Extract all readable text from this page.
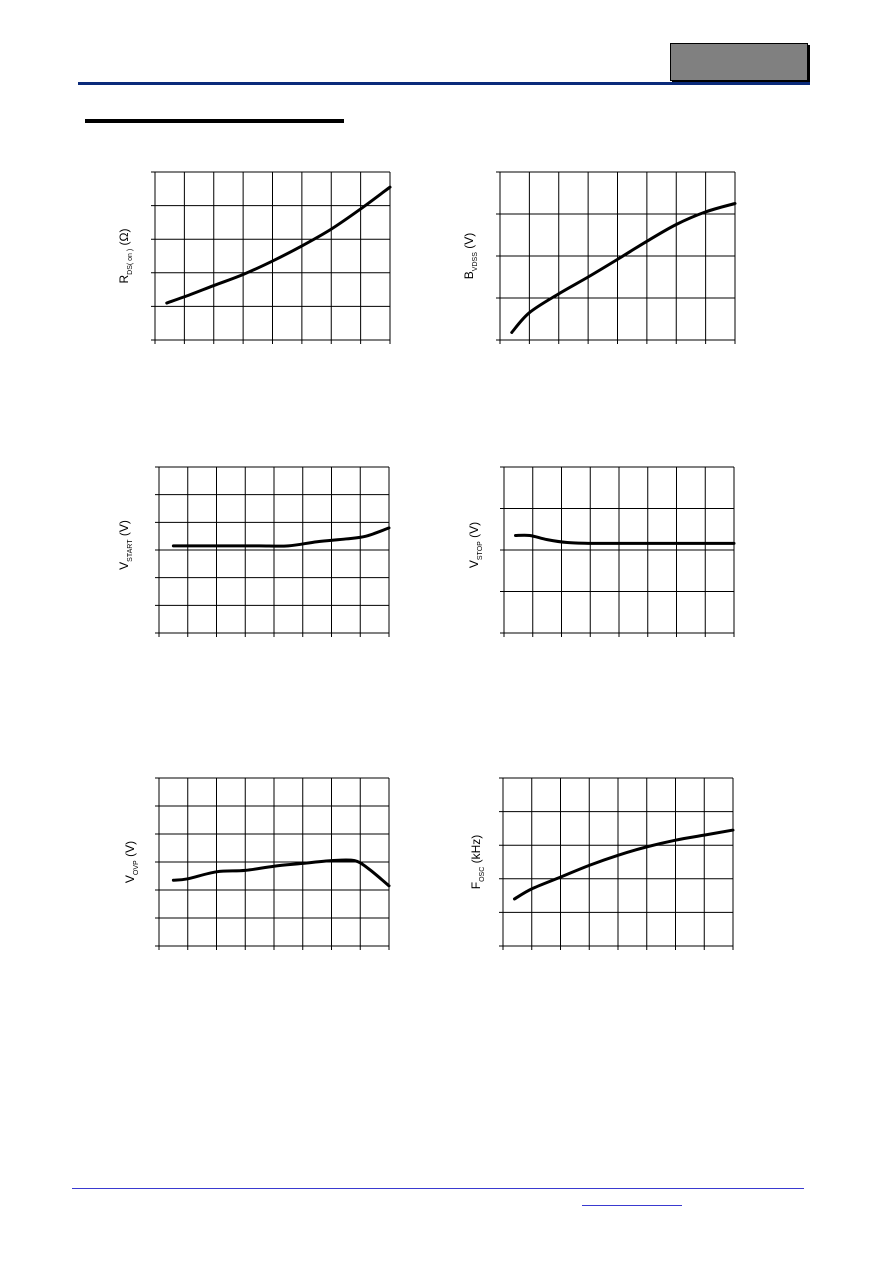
$R_{DS( on )}$ (Ω)
$B_{VDSS}$ (V)
$V_{START}$ (V)
$V_{STOP}$ (V)
$V_{OVP}$ (V)
$F_{OSC}$ (kHz)
